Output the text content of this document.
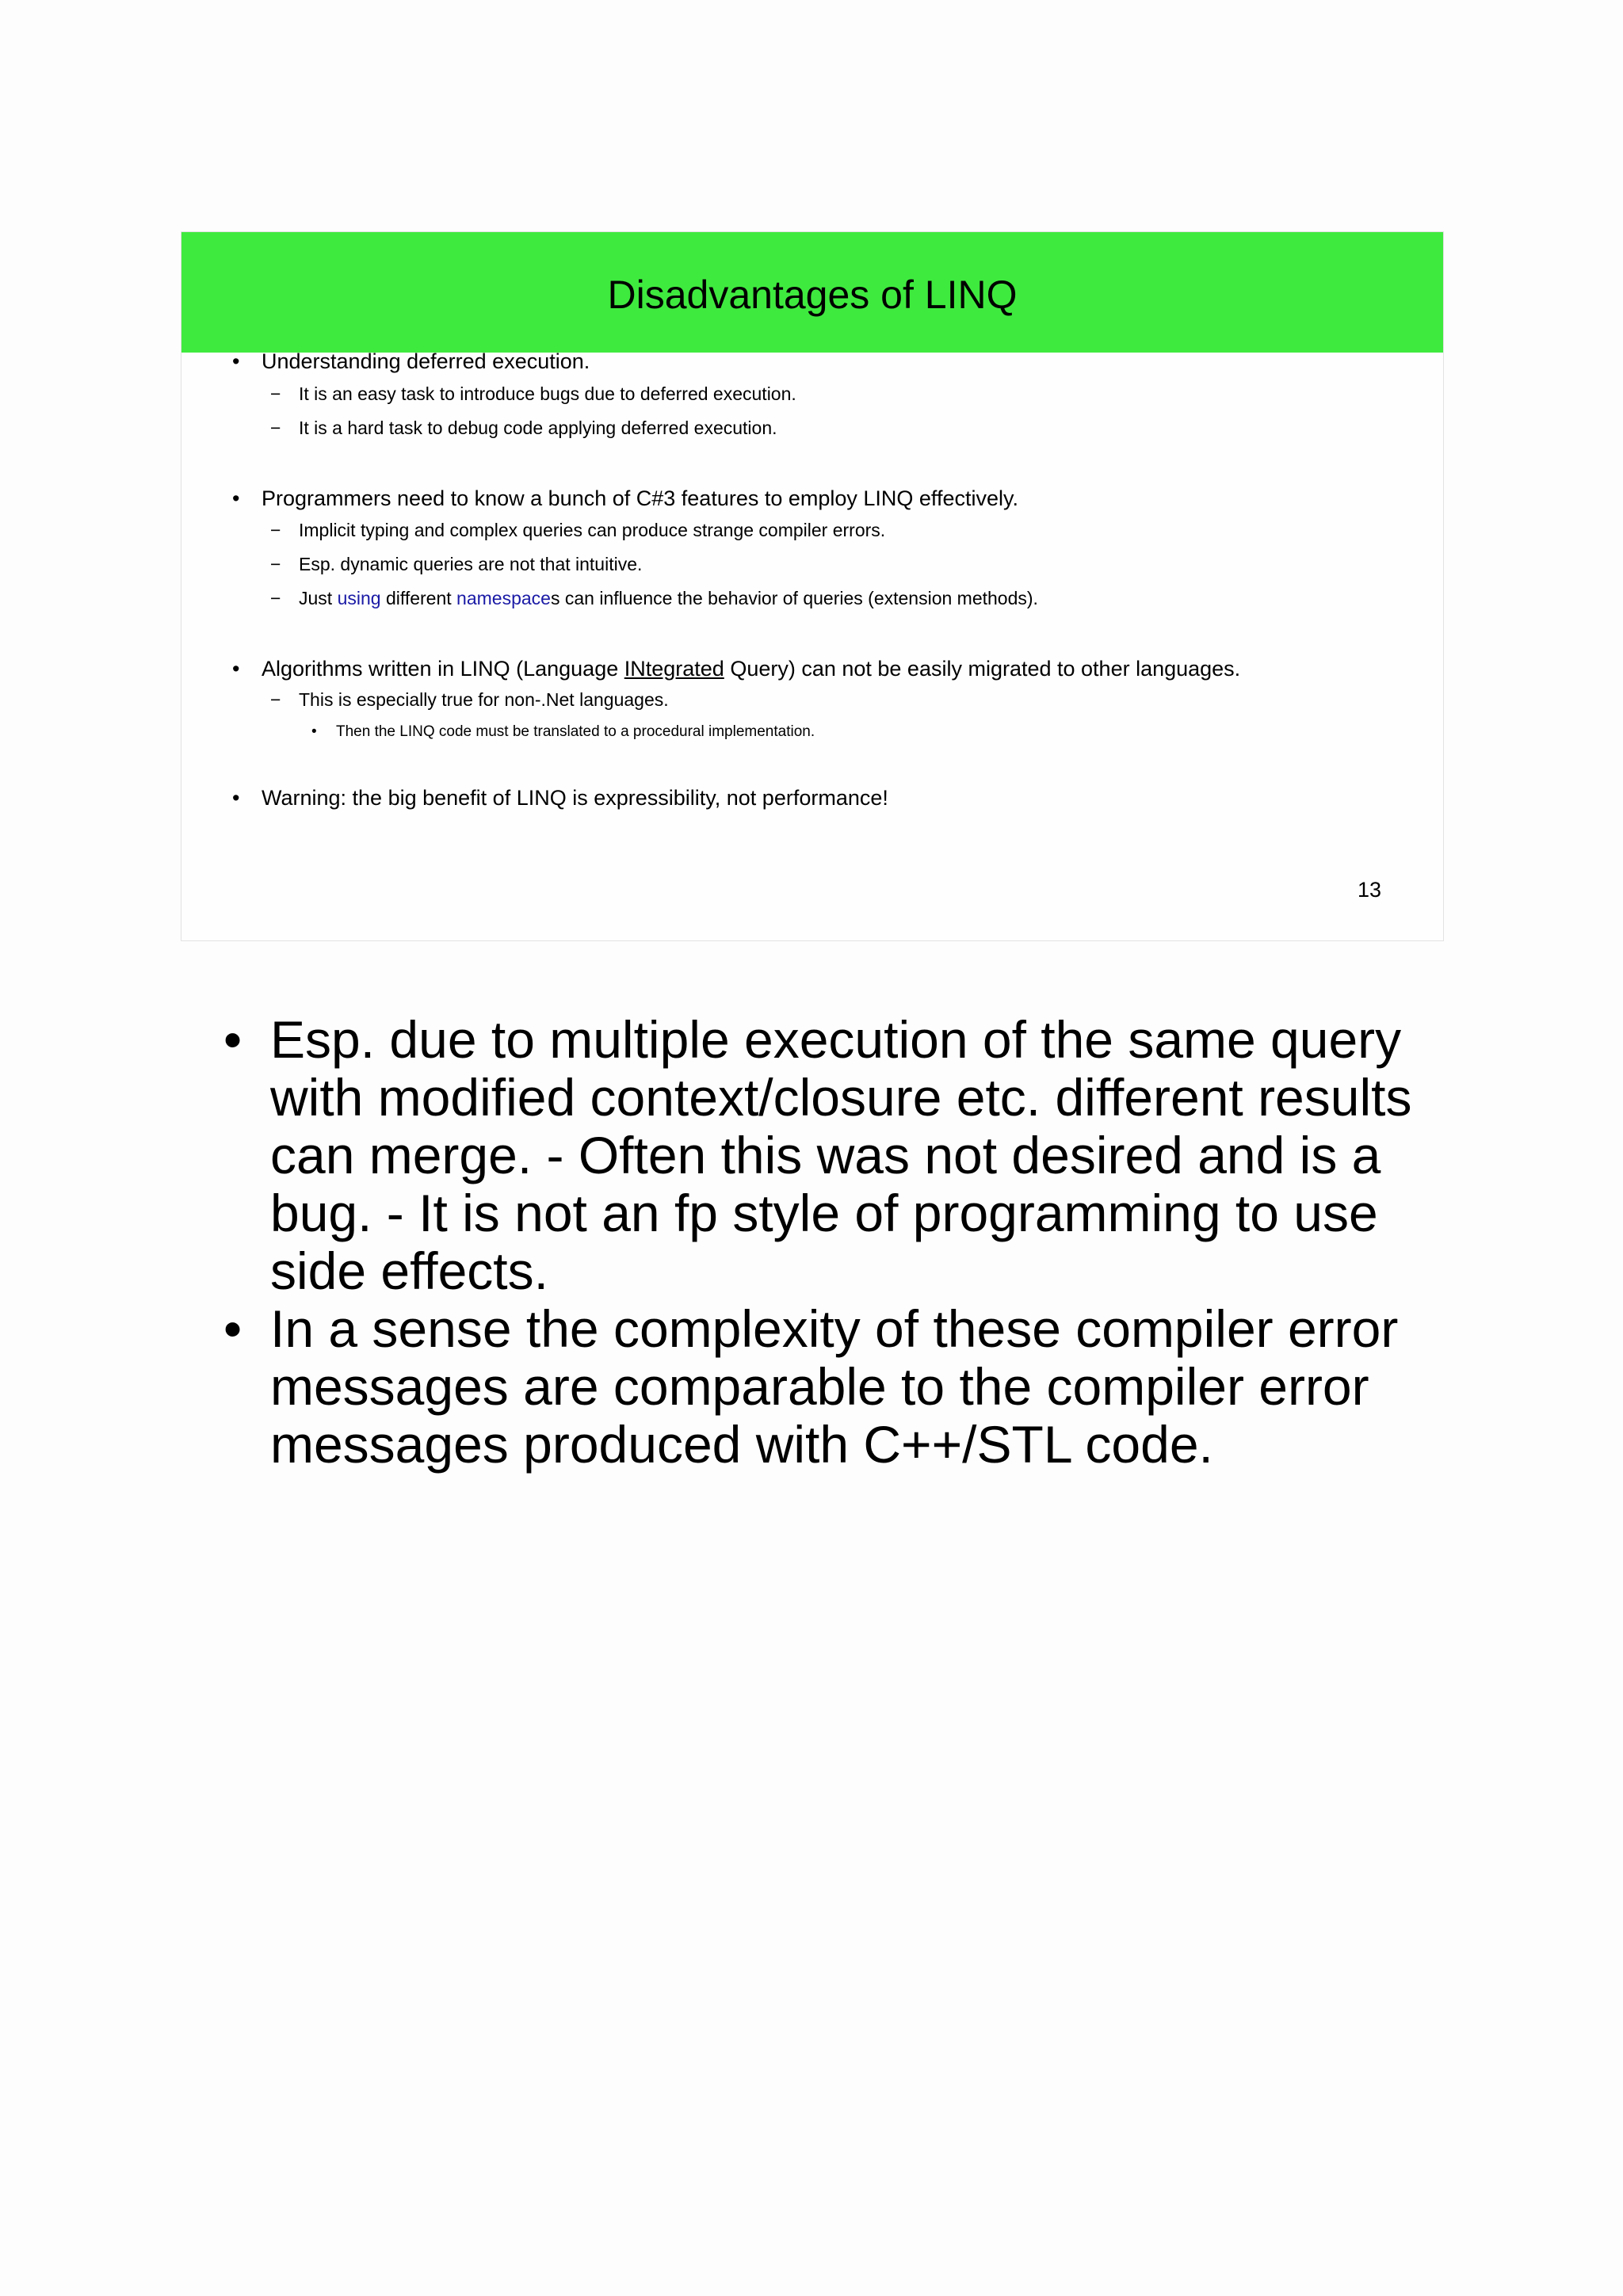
Disadvantages of LINQ
• Understanding deferred execution.
− It is an easy task to introduce bugs due to deferred execution.
− It is a hard task to debug code applying deferred execution.
• Programmers need to know a bunch of C#3 features to employ LINQ effectively.
− Implicit typing and complex queries can produce strange compiler errors.
− Esp. dynamic queries are not that intuitive.
− Just using different namespaces can influence the behavior of queries (extension methods).
• Algorithms written in LINQ (Language INtegrated Query) can not be easily migrated to other languages.
− This is especially true for non-.Net languages.
• Then the LINQ code must be translated to a procedural implementation.
• Warning: the big benefit of LINQ is expressibility, not performance!
13
• Esp. due to multiple execution of the same query with modified context/closure etc. different results can merge. - Often this was not desired and is a bug. - It is not an fp style of programming to use side effects.
• In a sense the complexity of these compiler error messages are comparable to the compiler error messages produced with C++/STL code.
